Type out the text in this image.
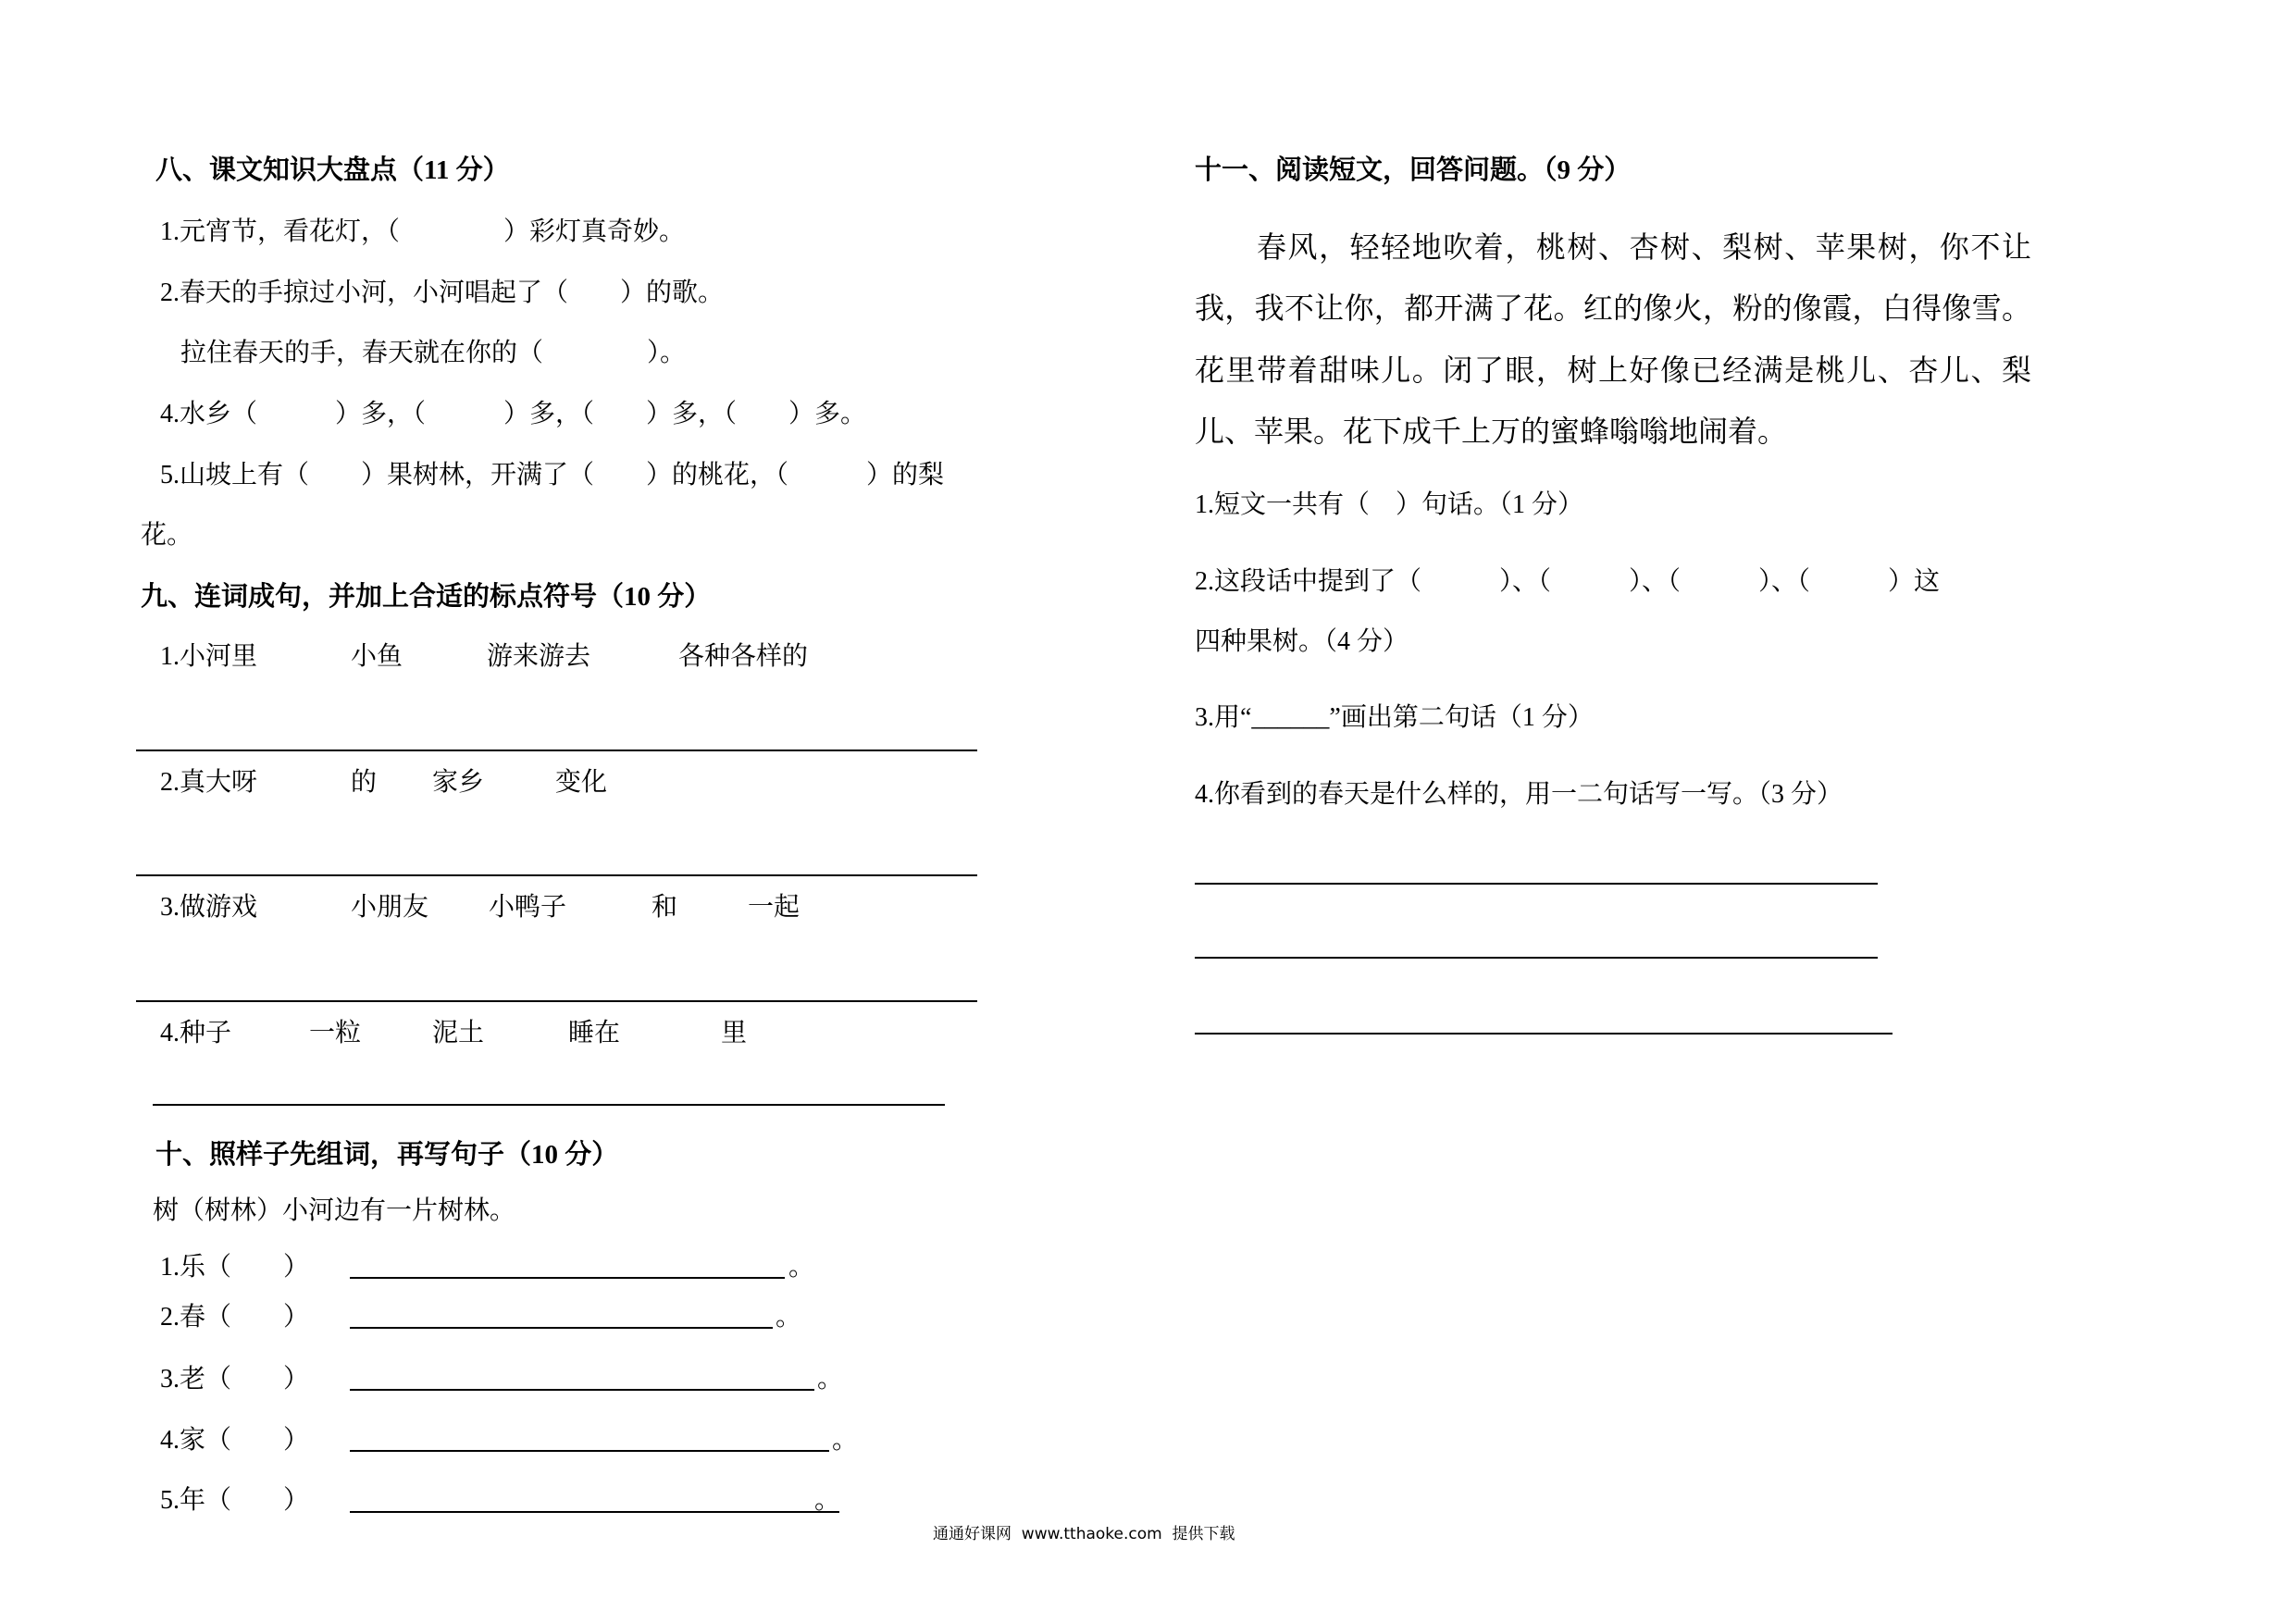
八、课文知识大盘点（11 分）
1.元宵节，看花灯，（　　　　）彩灯真奇妙。
2.春天的手掠过小河，小河唱起了（　　）的歌。
拉住春天的手，春天就在你的（　　　　）。
4.水乡（　　　）多，（　　　）多，（　　）多，（　　）多。
5.山坡上有（　　）果树林，开满了（　　）的桃花，（　　　）的梨
花。
九、连词成句，并加上合适的标点符号（10 分）
1.小河里	小鱼	游来游去	各种各样的
2.真大呀	的 家乡	变化
3.做游戏	小朋友 小鸭子	和	一起
4.种子	一粒	泥土	睡在	里
十、照样子先组词，再写句子（10 分）
树（树林）小河边有一片树林。
1.乐（　　）	。
2.春（　　）	。
3.老（　　）	。
4.家（　　）	。
5.年（　　）	。
十一、阅读短文，回答问题。（9 分）
春风，轻轻地吹着，桃树、杏树、梨树、苹果树，你不让
我，我不让你，都开满了花。红的像火，粉的像霞，白得像雪。
花里带着甜味儿。闭了眼，树上好像已经满是桃儿、杏儿、梨
儿、苹果。花下成千上万的蜜蜂嗡嗡地闹着。
1.短文一共有（　）句话。（1 分）
2.这段话中提到了（　　　）、（　　　）、（　　　）、（　　　）这
四种果树。（4 分）
3.用“______”画出第二句话（1 分）
4.你看到的春天是什么样的，用一二句话写一写。（3 分）
通通好课网  www.tthaoke.com  提供下载
